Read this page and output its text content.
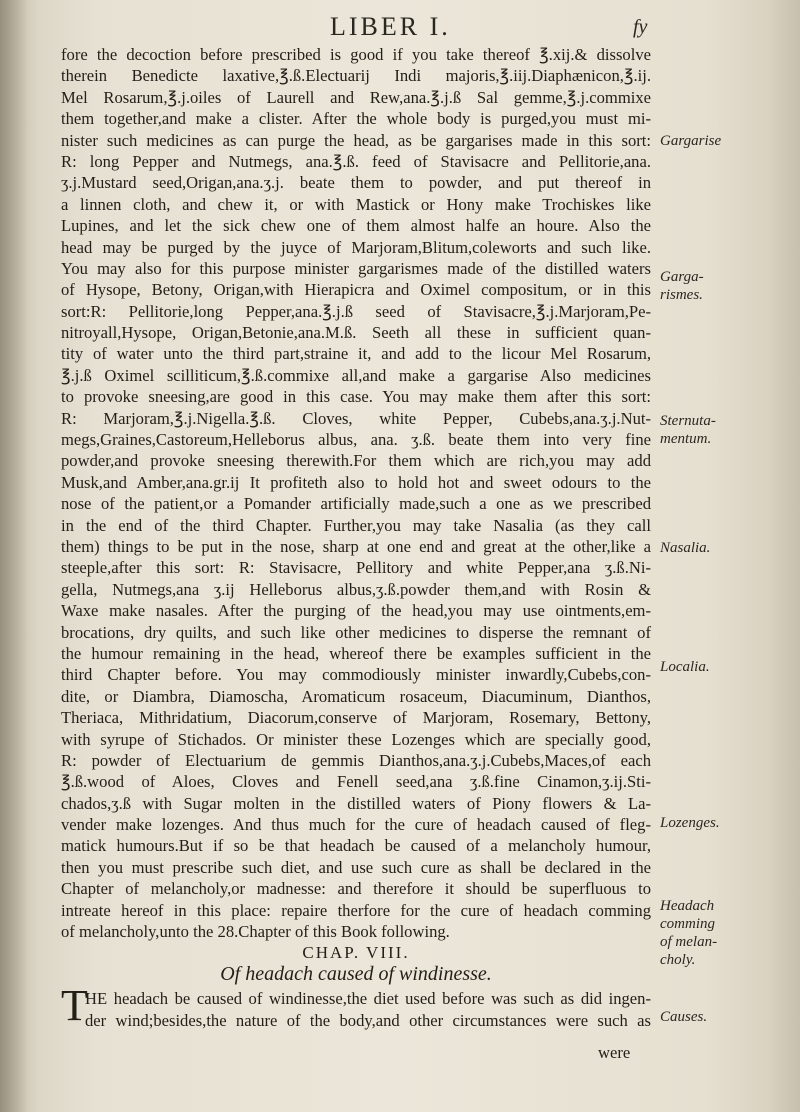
LIBER I.	fy
fore the decoction before prescribed is good if you take thereof ℥.xij.& dissolve
therein Benedicte laxative,℥.ß.Electuarij Indi majoris,℥.iij.Diaphænicon,℥.ij.
Mel Rosarum,℥.j.oiles of Laurell and Rew,ana.℥.j.ß Sal gemme,℥.j.commixe
them together,and make a clister. After the whole body is purged,you must mi-
nister such medicines as can purge the head, as be gargarises made in this sort:
R: long Pepper and Nutmegs, ana.℥.ß. feed of Stavisacre and Pellitorie,ana.
ʒ.j.Mustard seed,Origan,ana.ʒ.j. beate them to powder, and put thereof in
a linnen cloth, and chew it, or with Mastick or Hony make Trochiskes like
Lupines, and let the sick chew one of them almost halfe an houre. Also the
head may be purged by the juyce of Marjoram,Blitum,coleworts and such like.
You may also for this purpose minister gargarismes made of the distilled waters
of Hysope, Betony, Origan,with Hierapicra and Oximel compositum, or in this
sort:R: Pellitorie,long Pepper,ana.℥.j.ß seed of Stavisacre,℥.j.Marjoram,Pe-
nitroyall,Hysope, Origan,Betonie,ana.M.ß. Seeth all these in sufficient quan-
tity of water unto the third part,straine it, and add to the licour Mel Rosarum,
℥.j.ß Oximel scilliticum,℥.ß.commixe all,and make a gargarise Also medicines
to provoke sneesing,are good in this case. You may make them after this sort:
R: Marjoram,℥.j.Nigella.℥.ß. Cloves, white Pepper, Cubebs,ana.ʒ.j.Nut-
megs,Graines,Castoreum,Helleborus albus, ana. ʒ.ß. beate them into very fine
powder,and provoke sneesing therewith.For them which are rich,you may add
Musk,and Amber,ana.gr.ij It profiteth also to hold hot and sweet odours to the
nose of the patient,or a Pomander artificially made,such a one as we prescribed
in the end of the third Chapter. Further,you may take Nasalia (as they call
them) things to be put in the nose, sharp at one end and great at the other,like a
steeple,after this sort: R: Stavisacre, Pellitory and white Pepper,ana ʒ.ß.Ni-
gella, Nutmegs,ana ʒ.ij Helleborus albus,ʒ.ß.powder them,and with Rosin &
Waxe make nasales. After the purging of the head,you may use ointments,em-
brocations, dry quilts, and such like other medicines to disperse the remnant of
the humour remaining in the head, whereof there be examples sufficient in the
third Chapter before. You may commodiously minister inwardly,Cubebs,con-
dite, or Diambra, Diamoscha, Aromaticum rosaceum, Diacuminum, Dianthos,
Theriaca, Mithridatium, Diacorum,conserve of Marjoram, Rosemary, Bettony,
with syrupe of Stichados. Or minister these Lozenges which are specially good,
R: powder of Electuarium de gemmis Dianthos,ana.ʒ.j.Cubebs,Maces,of each
℥.ß.wood of Aloes, Cloves and Fenell seed,ana ʒ.ß.fine Cinamon,ʒ.ij.Sti-
chados,ʒ.ß with Sugar molten in the distilled waters of Piony flowers & La-
vender make lozenges. And thus much for the cure of headach caused of fleg-
matick humours.But if so be that headach be caused of a melancholy humour,
then you must prescribe such diet, and use such cure as shall be declared in the
Chapter of melancholy,or madnesse: and therefore it should be superfluous to
intreate hereof in this place: repaire therfore for the cure of headach comming
of melancholy,unto the 28.Chapter of this Book following.
CHAP. VIII.
Of headach caused of windinesse.
T
HE headach be caused of windinesse,the diet used before was such as did ingen-
der wind;besides,the nature of the body,and other circumstances were such as
were
Gargarise
Garga-
rismes.
Sternuta-
mentum.
Nasalia.
Localia.
Lozenges.
Headach
comming
of melan-
choly.
Causes.
